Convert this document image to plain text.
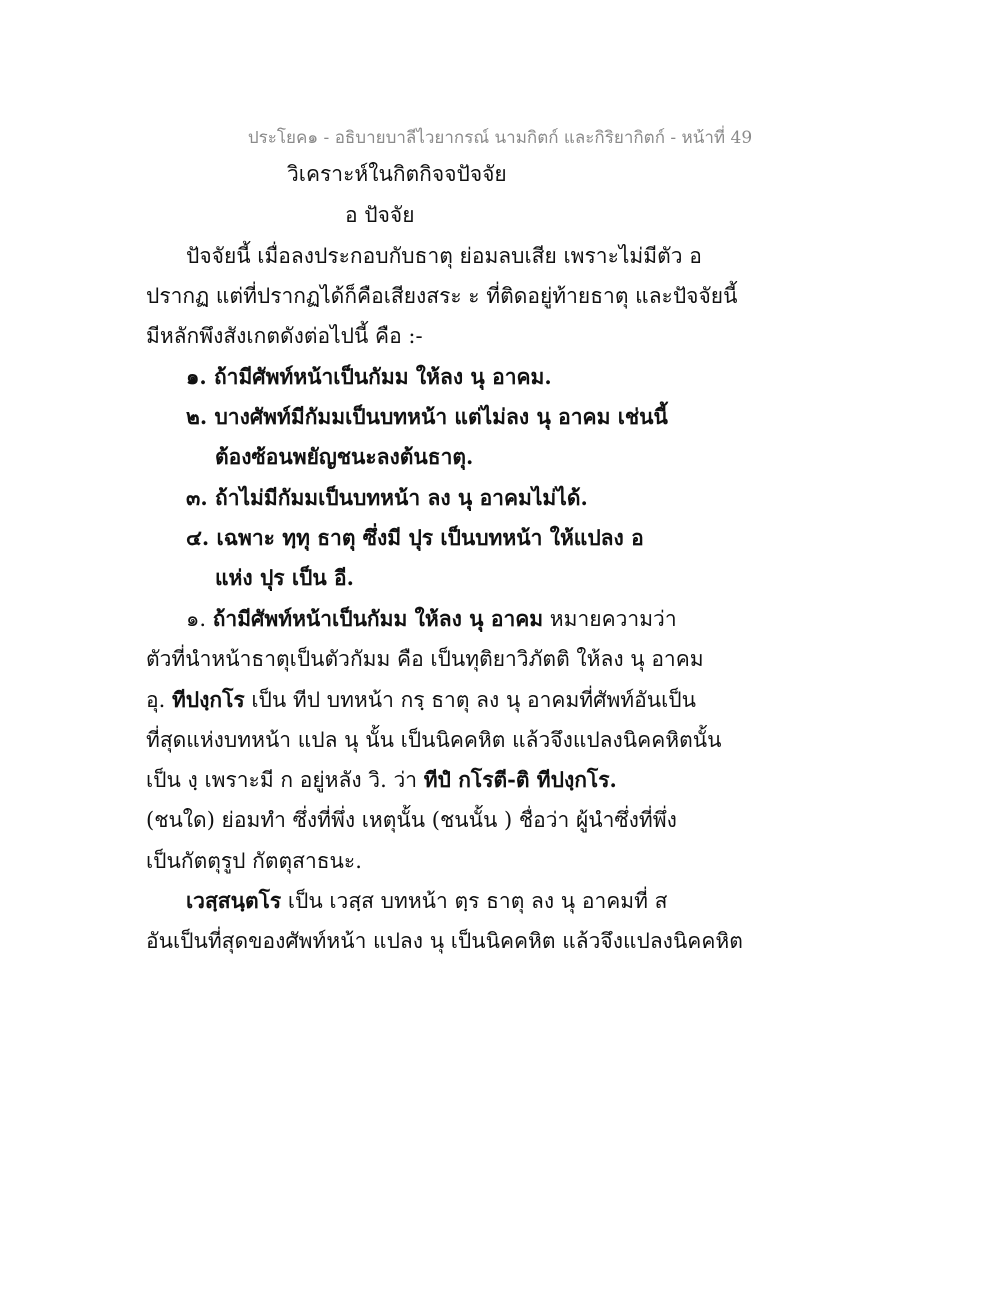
ประโยค๑ - อธิบายบาลีไวยากรณ์ นามกิตก์ และกิริยากิตก์ - หน้าที่ 49
วิเคราะห์ในกิตกิจจปัจจัย
อ ปัจจัย
ปัจจัยนี้ เมื่อลงประกอบกับธาตุ ย่อมลบเสีย เพราะไม่มีตัว อ
ปรากฏ แต่ที่ปรากฏได้ก็คือเสียงสระ ะ ที่ติดอยู่ท้ายธาตุ และปัจจัยนี้
มีหลักพึงสังเกตดังต่อไปนี้ คือ :-
๑. ถ้ามีศัพท์หน้าเป็นกัมม ให้ลง นุ อาคม.
๒. บางศัพท์มีกัมมเป็นบทหน้า แต่ไม่ลง นุ อาคม เช่นนี้
ต้องซ้อนพยัญชนะลงต้นธาตุ.
๓. ถ้าไม่มีกัมมเป็นบทหน้า ลง นุ อาคมไม่ได้.
๔. เฉพาะ ทฺทุ ธาตุ ซึ่งมี ปุร เป็นบทหน้า ให้แปลง อ
แห่ง ปุร เป็น อี.
๑. ถ้ามีศัพท์หน้าเป็นกัมม ให้ลง นุ อาคม หมายความว่า
ตัวที่นำหน้าธาตุเป็นตัวกัมม คือ เป็นทุติยาวิภัตติ ให้ลง นุ อาคม
อุ. ทีปงฺกโร เป็น ทีป บทหน้า กรฺ ธาตุ ลง นุ อาคมที่ศัพท์อันเป็น
ที่สุดแห่งบทหน้า แปล นุ นั้น เป็นนิคคหิต แล้วจึงแปลงนิคคหิตนั้น
เป็น งฺ เพราะมี ก อยู่หลัง วิ. ว่า ทีปํ กโรตี-ติ ทีปงฺกโร.
(ชนใด) ย่อมทำ ซึ่งที่พึ่ง เหตุนั้น (ชนนั้น ) ชื่อว่า ผู้นำซึ่งที่พึ่ง
เป็นกัตตุรูป กัตตุสาธนะ.
เวสฺสนฺตโร เป็น เวสฺส บทหน้า ตฺร ธาตุ ลง นุ อาคมที่ ส
อันเป็นที่สุดของศัพท์หน้า แปลง นุ เป็นนิคคหิต แล้วจึงแปลงนิคคหิต
